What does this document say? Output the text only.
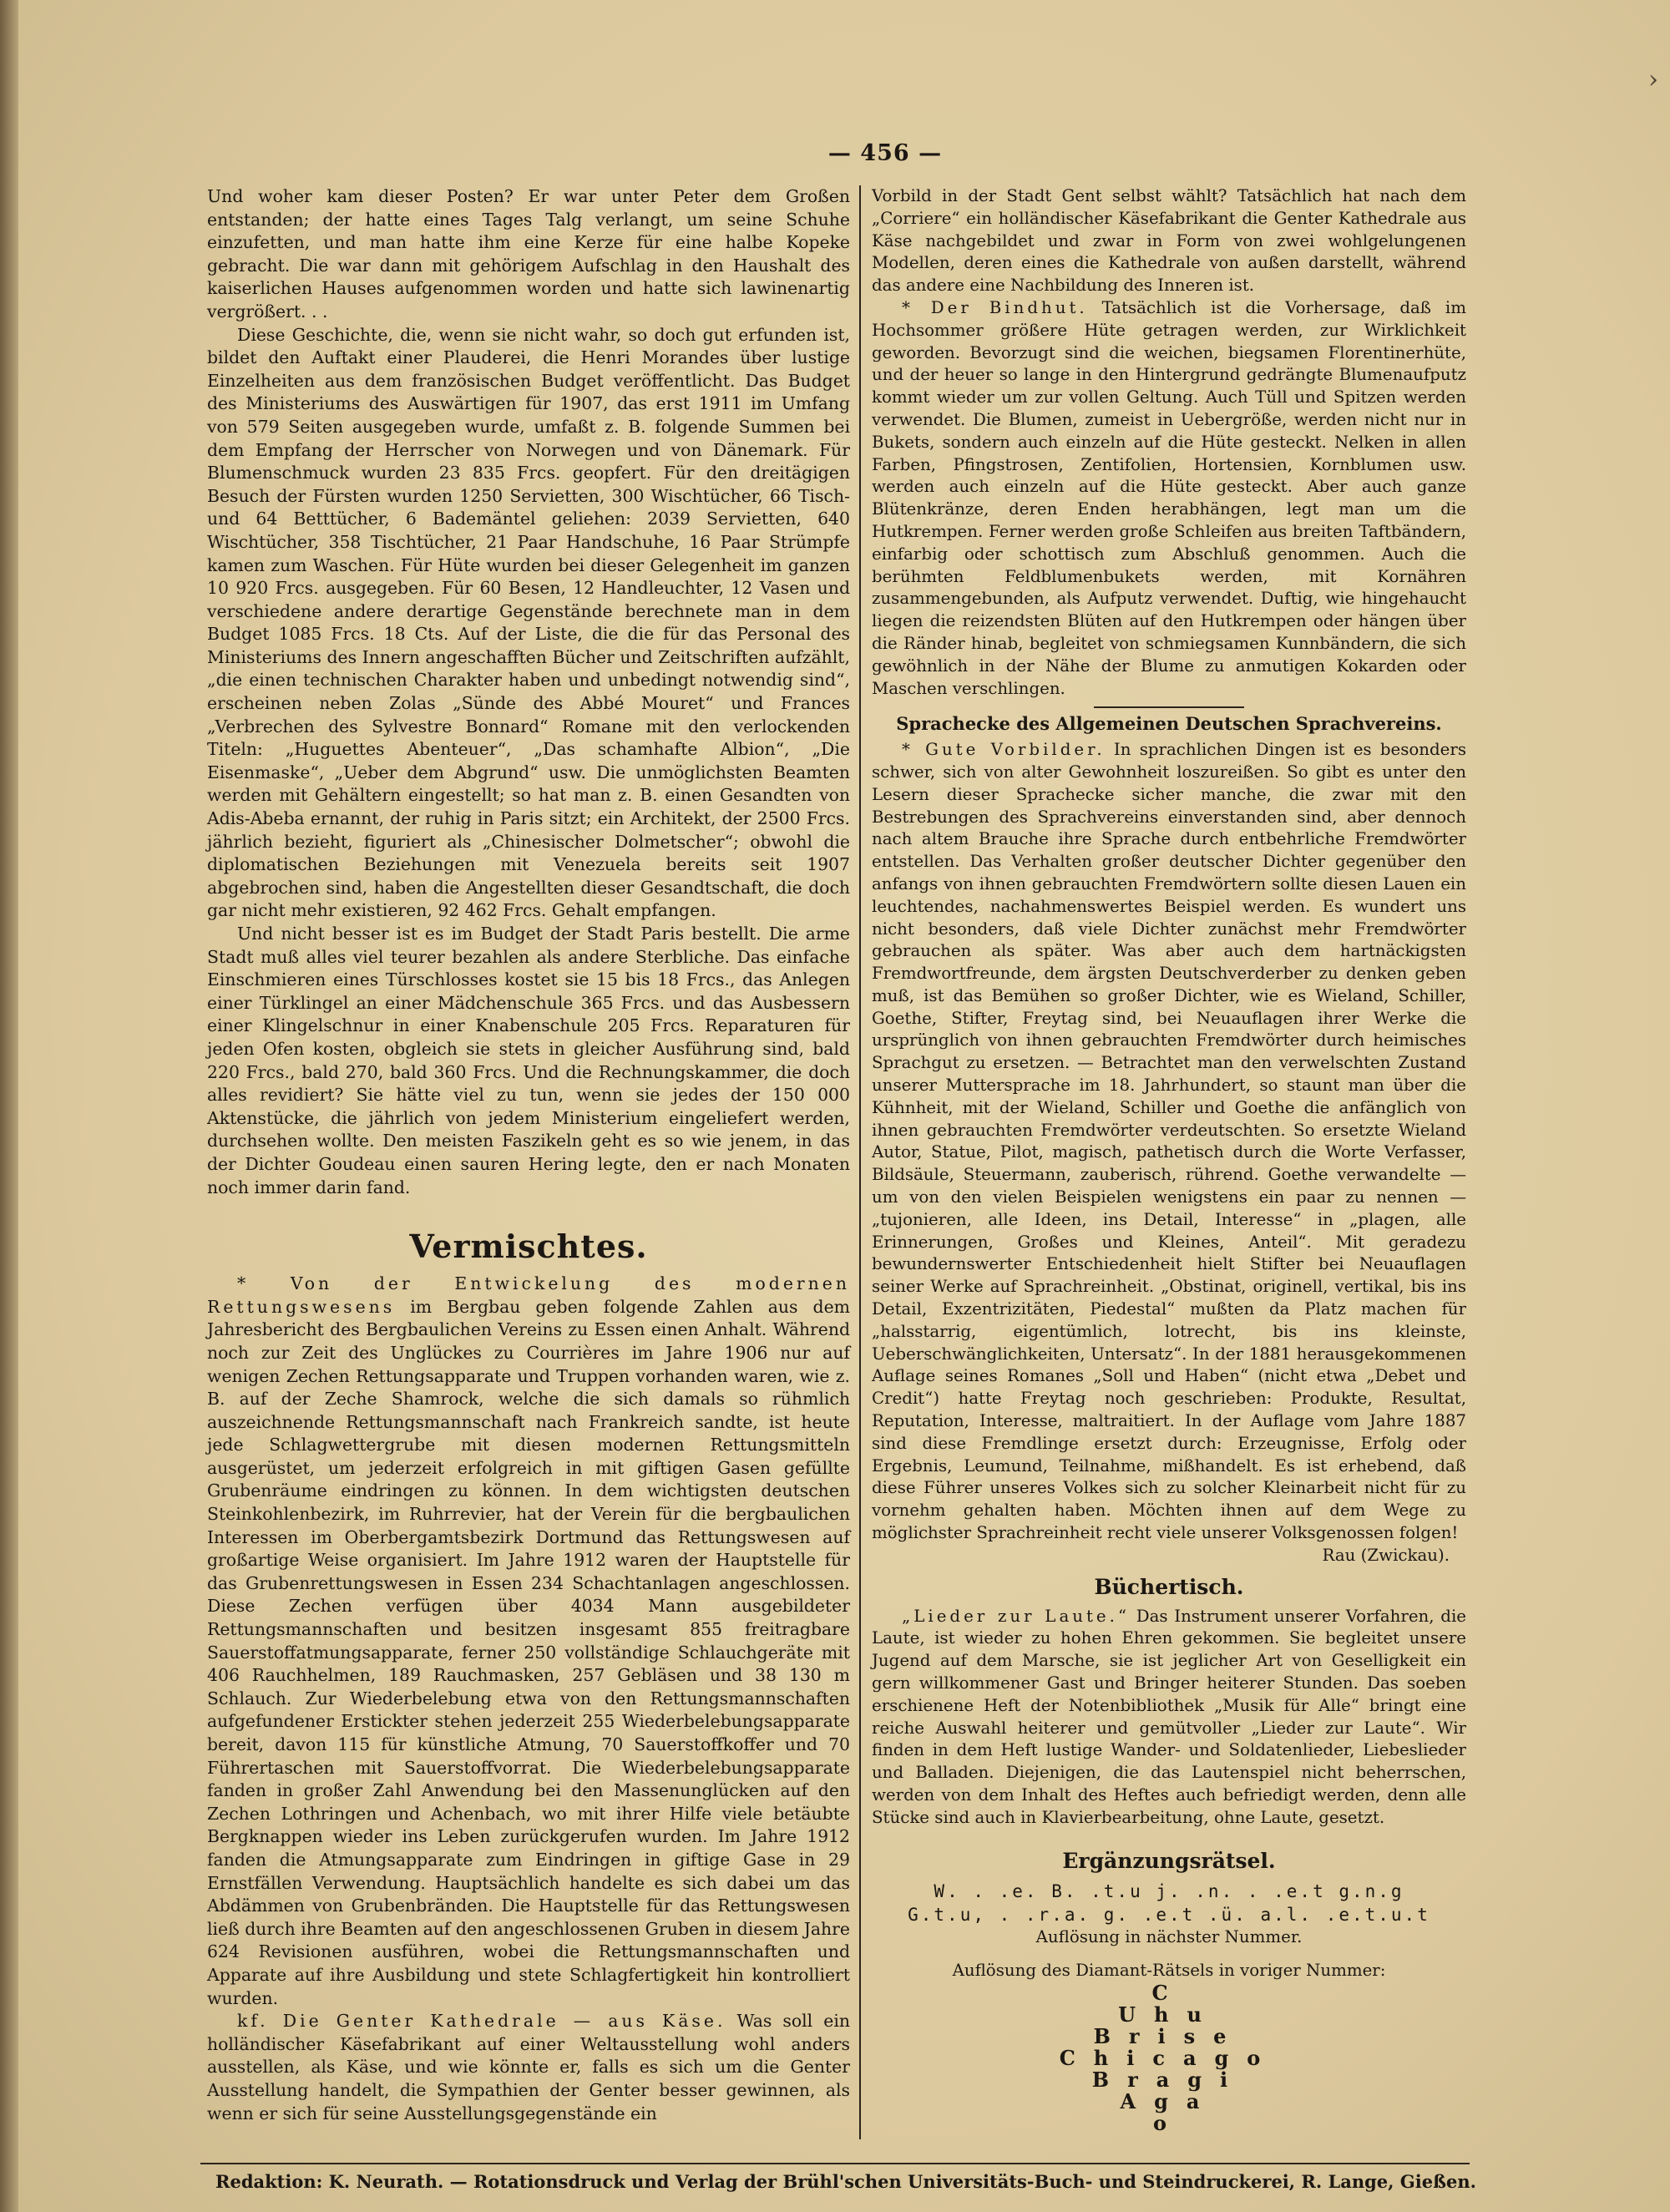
›
— 456 —

Und woher kam dieser Posten? Er war unter Peter dem Großen entstanden; der hatte eines Tages Talg verlangt, um seine Schuhe einzufetten, und man hatte ihm eine Kerze für eine halbe Kopeke gebracht. Die war dann mit gehörigem Aufschlag in den Haushalt des kaiserlichen Hauses aufgenommen worden und hatte sich lawinenartig vergrößert. . .

Diese Geschichte, die, wenn sie nicht wahr, so doch gut erfunden ist, bildet den Auftakt einer Plauderei, die Henri Morandes über lustige Einzelheiten aus dem französischen Budget veröffentlicht. Das Budget des Ministeriums des Auswärtigen für 1907, das erst 1911 im Umfang von 579 Seiten ausgegeben wurde, umfaßt z. B. folgende Summen bei dem Empfang der Herrscher von Norwegen und von Dänemark. Für Blumenschmuck wurden 23 835 Frcs. geopfert. Für den dreitägigen Besuch der Fürsten wurden 1250 Servietten, 300 Wischtücher, 66 Tisch- und 64 Betttücher, 6 Bademäntel geliehen: 2039 Servietten, 640 Wischtücher, 358 Tischtücher, 21 Paar Handschuhe, 16 Paar Strümpfe kamen zum Waschen. Für Hüte wurden bei dieser Gelegenheit im ganzen 10 920 Frcs. ausgegeben. Für 60 Besen, 12 Handleuchter, 12 Vasen und verschiedene andere derartige Gegenstände berechnete man in dem Budget 1085 Frcs. 18 Cts. Auf der Liste, die die für das Personal des Ministeriums des Innern angeschafften Bücher und Zeitschriften aufzählt, „die einen technischen Charakter haben und unbedingt notwendig sind“, erscheinen neben Zolas „Sünde des Abbé Mouret“ und Frances „Verbrechen des Sylvestre Bonnard“ Romane mit den verlockenden Titeln: „Huguettes Abenteuer“, „Das schamhafte Albion“, „Die Eisenmaske“, „Ueber dem Abgrund“ usw. Die unmöglichsten Beamten werden mit Gehältern eingestellt; so hat man z. B. einen Gesandten von Adis-Abeba ernannt, der ruhig in Paris sitzt; ein Architekt, der 2500 Frcs. jährlich bezieht, figuriert als „Chinesischer Dolmetscher“; obwohl die diplomatischen Beziehungen mit Venezuela bereits seit 1907 abgebrochen sind, haben die Angestellten dieser Gesandtschaft, die doch gar nicht mehr existieren, 92 462 Frcs. Gehalt empfangen.

Und nicht besser ist es im Budget der Stadt Paris bestellt. Die arme Stadt muß alles viel teurer bezahlen als andere Sterbliche. Das einfache Einschmieren eines Türschlosses kostet sie 15 bis 18 Frcs., das Anlegen einer Türklingel an einer Mädchenschule 365 Frcs. und das Ausbessern einer Klingelschnur in einer Knabenschule 205 Frcs. Reparaturen für jeden Ofen kosten, obgleich sie stets in gleicher Ausführung sind, bald 220 Frcs., bald 270, bald 360 Frcs. Und die Rechnungskammer, die doch alles revidiert? Sie hätte viel zu tun, wenn sie jedes der 150 000 Aktenstücke, die jährlich von jedem Ministerium eingeliefert werden, durchsehen wollte. Den meisten Faszikeln geht es so wie jenem, in das der Dichter Goudeau einen sauren Hering legte, den er nach Monaten noch immer darin fand.

Vermischtes.

* Von der Entwickelung des modernen Rettungswesens im Bergbau geben folgende Zahlen aus dem Jahresbericht des Bergbaulichen Vereins zu Essen einen Anhalt. Während noch zur Zeit des Unglückes zu Courrières im Jahre 1906 nur auf wenigen Zechen Rettungsapparate und Truppen vorhanden waren, wie z. B. auf der Zeche Shamrock, welche die sich damals so rühmlich auszeichnende Rettungsmannschaft nach Frankreich sandte, ist heute jede Schlagwettergrube mit diesen modernen Rettungsmitteln ausgerüstet, um jederzeit erfolgreich in mit giftigen Gasen gefüllte Grubenräume eindringen zu können. In dem wichtigsten deutschen Steinkohlenbezirk, im Ruhrrevier, hat der Verein für die bergbaulichen Interessen im Oberbergamtsbezirk Dortmund das Rettungswesen auf großartige Weise organisiert. Im Jahre 1912 waren der Hauptstelle für das Grubenrettungswesen in Essen 234 Schachtanlagen angeschlossen. Diese Zechen verfügen über 4034 Mann ausgebildeter Rettungsmannschaften und besitzen insgesamt 855 freitragbare Sauerstoffatmungsapparate, ferner 250 vollständige Schlauchgeräte mit 406 Rauchhelmen, 189 Rauchmasken, 257 Gebläsen und 38 130 m Schlauch. Zur Wiederbelebung etwa von den Rettungsmannschaften aufgefundener Erstickter stehen jederzeit 255 Wiederbelebungsapparate bereit, davon 115 für künstliche Atmung, 70 Sauerstoffkoffer und 70 Führertaschen mit Sauerstoffvorrat. Die Wiederbelebungsapparate fanden in großer Zahl Anwendung bei den Massenunglücken auf den Zechen Lothringen und Achenbach, wo mit ihrer Hilfe viele betäubte Bergknappen wieder ins Leben zurückgerufen wurden. Im Jahre 1912 fanden die Atmungsapparate zum Eindringen in giftige Gase in 29 Ernstfällen Verwendung. Hauptsächlich handelte es sich dabei um das Abdämmen von Grubenbränden. Die Hauptstelle für das Rettungswesen ließ durch ihre Beamten auf den angeschlossenen Gruben in diesem Jahre 624 Revisionen ausführen, wobei die Rettungsmannschaften und Apparate auf ihre Ausbildung und stete Schlagfertigkeit hin kontrolliert wurden.

kf. Die Genter Kathedrale — aus Käse. Was soll ein holländischer Käsefabrikant auf einer Weltausstellung wohl anders ausstellen, als Käse, und wie könnte er, falls es sich um die Genter Ausstellung handelt, die Sympathien der Genter besser gewinnen, als wenn er sich für seine Ausstellungsgegenstände ein

Vorbild in der Stadt Gent selbst wählt? Tatsächlich hat nach dem „Corriere“ ein holländischer Käsefabrikant die Genter Kathedrale aus Käse nachgebildet und zwar in Form von zwei wohlgelungenen Modellen, deren eines die Kathedrale von außen darstellt, während das andere eine Nachbildung des Inneren ist.

* Der Bindhut. Tatsächlich ist die Vorhersage, daß im Hochsommer größere Hüte getragen werden, zur Wirklichkeit geworden. Bevorzugt sind die weichen, biegsamen Florentinerhüte, und der heuer so lange in den Hintergrund gedrängte Blumenaufputz kommt wieder um zur vollen Geltung. Auch Tüll und Spitzen werden verwendet. Die Blumen, zumeist in Uebergröße, werden nicht nur in Bukets, sondern auch einzeln auf die Hüte gesteckt. Nelken in allen Farben, Pfingstrosen, Zentifolien, Hortensien, Kornblumen usw. werden auch einzeln auf die Hüte gesteckt. Aber auch ganze Blütenkränze, deren Enden herabhängen, legt man um die Hutkrempen. Ferner werden große Schleifen aus breiten Taftbändern, einfarbig oder schottisch zum Abschluß genommen. Auch die berühmten Feldblumenbukets werden, mit Kornähren zusammengebunden, als Aufputz verwendet. Duftig, wie hingehaucht liegen die reizendsten Blüten auf den Hutkrempen oder hängen über die Ränder hinab, begleitet von schmiegsamen Kunnbändern, die sich gewöhnlich in der Nähe der Blume zu anmutigen Kokarden oder Maschen verschlingen.

Sprachecke des Allgemeinen Deutschen Sprachvereins.

* Gute Vorbilder. In sprachlichen Dingen ist es besonders schwer, sich von alter Gewohnheit loszureißen. So gibt es unter den Lesern dieser Sprachecke sicher manche, die zwar mit den Bestrebungen des Sprachvereins einverstanden sind, aber dennoch nach altem Brauche ihre Sprache durch entbehrliche Fremdwörter entstellen. Das Verhalten großer deutscher Dichter gegenüber den anfangs von ihnen gebrauchten Fremdwörtern sollte diesen Lauen ein leuchtendes, nachahmenswertes Beispiel werden. Es wundert uns nicht besonders, daß viele Dichter zunächst mehr Fremdwörter gebrauchen als später. Was aber auch dem hartnäckigsten Fremdwortfreunde, dem ärgsten Deutschverderber zu denken geben muß, ist das Bemühen so großer Dichter, wie es Wieland, Schiller, Goethe, Stifter, Freytag sind, bei Neuauflagen ihrer Werke die ursprünglich von ihnen gebrauchten Fremdwörter durch heimisches Sprachgut zu ersetzen. — Betrachtet man den verwelschten Zustand unserer Muttersprache im 18. Jahrhundert, so staunt man über die Kühnheit, mit der Wieland, Schiller und Goethe die anfänglich von ihnen gebrauchten Fremdwörter verdeutschten. So ersetzte Wieland Autor, Statue, Pilot, magisch, pathetisch durch die Worte Verfasser, Bildsäule, Steuermann, zauberisch, rührend. Goethe verwandelte — um von den vielen Beispielen wenigstens ein paar zu nennen — „tujonieren, alle Ideen, ins Detail, Interesse“ in „plagen, alle Erinnerungen, Großes und Kleines, Anteil“. Mit geradezu bewundernswerter Entschiedenheit hielt Stifter bei Neuauflagen seiner Werke auf Sprachreinheit. „Obstinat, originell, vertikal, bis ins Detail, Exzentrizitäten, Piedestal“ mußten da Platz machen für „halsstarrig, eigentümlich, lotrecht, bis ins kleinste, Ueberschwänglichkeiten, Untersatz“. In der 1881 herausgekommenen Auflage seines Romanes „Soll und Haben“ (nicht etwa „Debet und Credit“) hatte Freytag noch geschrieben: Produkte, Resultat, Reputation, Interesse, maltraitiert. In der Auflage vom Jahre 1887 sind diese Fremdlinge ersetzt durch: Erzeugnisse, Erfolg oder Ergebnis, Leumund, Teilnahme, mißhandelt. Es ist erhebend, daß diese Führer unseres Volkes sich zu solcher Kleinarbeit nicht für zu vornehm gehalten haben. Möchten ihnen auf dem Wege zu möglichster Sprachreinheit recht viele unserer Volksgenossen folgen!

Rau (Zwickau).
Büchertisch.

„Lieder zur Laute.“ Das Instrument unserer Vorfahren, die Laute, ist wieder zu hohen Ehren gekommen. Sie begleitet unsere Jugend auf dem Marsche, sie ist jeglicher Art von Geselligkeit ein gern willkommener Gast und Bringer heiterer Stunden. Das soeben erschienene Heft der Notenbibliothek „Musik für Alle“ bringt eine reiche Auswahl heiterer und gemütvoller „Lieder zur Laute“. Wir finden in dem Heft lustige Wander- und Soldatenlieder, Liebeslieder und Balladen. Diejenigen, die das Lautenspiel nicht beherrschen, werden von dem Inhalt des Heftes auch befriedigt werden, denn alle Stücke sind auch in Klavierbearbeitung, ohne Laute, gesetzt.

Ergänzungsrätsel.
W. . .e. B. .t.u j. .n. . .e.t g.n.g
G.t.u, . .r.a. g. .e.t .ü. a.l. .e.t.u.t
Auflösung in nächster Nummer.
Auflösung des Diamant-Rätsels in voriger Nummer:
C
Uhu
Brise
Chicago
Bragi
Aga
o
Redaktion: K. Neurath. — Rotationsdruck und Verlag der Brühl'schen Universitäts-Buch- und Steindruckerei, R. Lange, Gießen.
